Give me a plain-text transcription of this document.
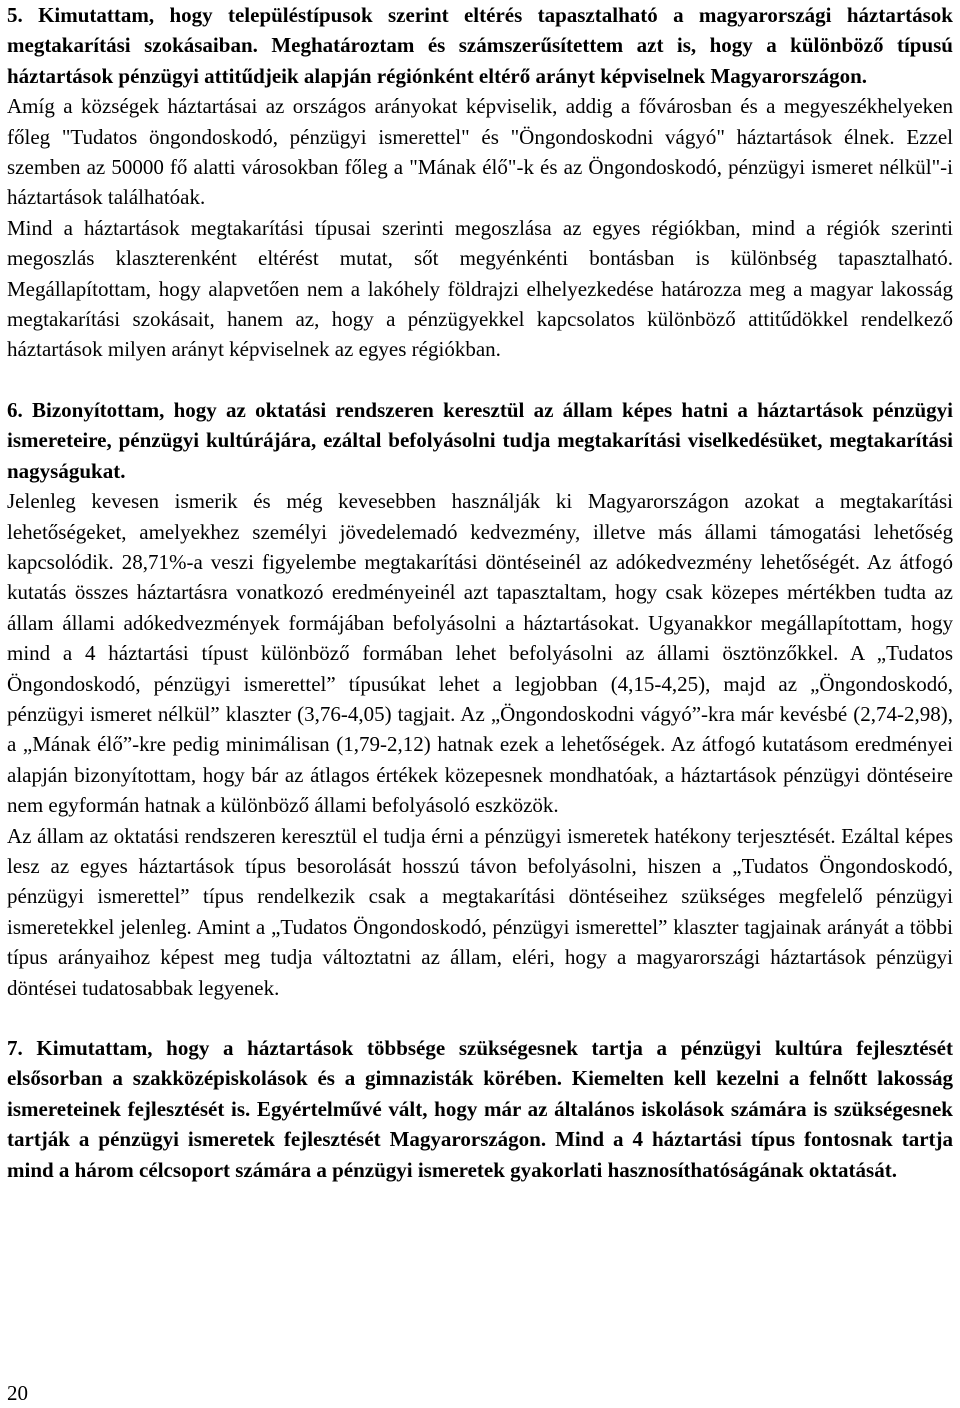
5. Kimutattam, hogy településtípusok szerint eltérés tapasztalható a magyarországi háztartások megtakarítási szokásaiban. Meghatároztam és számszerűsítettem azt is, hogy a különböző típusú háztartások pénzügyi attitűdjeik alapján régiónként eltérő arányt képviselnek Magyarországon.

Amíg a községek háztartásai az országos arányokat képviselik, addig a fővárosban és a megyeszékhelyeken főleg "Tudatos öngondoskodó, pénzügyi ismerettel" és "Öngondoskodni vágyó" háztartások élnek. Ezzel szemben az 50000 fő alatti városokban főleg a "Mának élő"-k és az Öngondoskodó, pénzügyi ismeret nélkül"-i háztartások találhatóak.

Mind a háztartások megtakarítási típusai szerinti megoszlása az egyes régiókban, mind a régiók szerinti megoszlás klaszterenként eltérést mutat, sőt megyénkénti bontásban is különbség tapasztalható. Megállapítottam, hogy alapvetően nem a lakóhely földrajzi elhelyezkedése határozza meg a magyar lakosság megtakarítási szokásait, hanem az, hogy a pénzügyekkel kapcsolatos különböző attitűdökkel rendelkező háztartások milyen arányt képviselnek az egyes régiókban.

6. Bizonyítottam, hogy az oktatási rendszeren keresztül az állam képes hatni a háztartások pénzügyi ismereteire, pénzügyi kultúrájára, ezáltal befolyásolni tudja megtakarítási viselkedésüket, megtakarítási nagyságukat.

Jelenleg kevesen ismerik és még kevesebben használják ki Magyarországon azokat a megtakarítási lehetőségeket, amelyekhez személyi jövedelemadó kedvezmény, illetve más állami támogatási lehetőség kapcsolódik. 28,71%-a veszi figyelembe megtakarítási döntéseinél az adókedvezmény lehetőségét. Az átfogó kutatás összes háztartásra vonatkozó eredményeinél azt tapasztaltam, hogy csak közepes mértékben tudta az állam állami adókedvezmények formájában befolyásolni a háztartásokat. Ugyanakkor megállapítottam, hogy mind a 4 háztartási típust különböző formában lehet befolyásolni az állami ösztönzőkkel. A „Tudatos Öngondoskodó, pénzügyi ismerettel” típusúkat lehet a legjobban (4,15-4,25), majd az „Öngondoskodó, pénzügyi ismeret nélkül” klaszter (3,76-4,05) tagjait. Az „Öngondoskodni vágyó”-kra már kevésbé (2,74-2,98), a „Mának élő”-kre pedig minimálisan (1,79-2,12) hatnak ezek a lehetőségek. Az átfogó kutatásom eredményei alapján bizonyítottam, hogy bár az átlagos értékek közepesnek mondhatóak, a háztartások pénzügyi döntéseire nem egyformán hatnak a különböző állami befolyásoló eszközök.

Az állam az oktatási rendszeren keresztül el tudja érni a pénzügyi ismeretek hatékony terjesztését. Ezáltal képes lesz az egyes háztartások típus besorolását hosszú távon befolyásolni, hiszen a „Tudatos Öngondoskodó, pénzügyi ismerettel” típus rendelkezik csak a megtakarítási döntéseihez szükséges megfelelő pénzügyi ismeretekkel jelenleg. Amint a „Tudatos Öngondoskodó, pénzügyi ismerettel” klaszter tagjainak arányát a többi típus arányaihoz képest meg tudja változtatni az állam, eléri, hogy a magyarországi háztartások pénzügyi döntései tudatosabbak legyenek.

7. Kimutattam, hogy a háztartások többsége szükségesnek tartja a pénzügyi kultúra fejlesztését elsősorban a szakközépiskolások és a gimnazisták körében. Kiemelten kell kezelni a felnőtt lakosság ismereteinek fejlesztését is. Egyértelművé vált, hogy már az általános iskolások számára is szükségesnek tartják a pénzügyi ismeretek fejlesztését Magyarországon. Mind a 4 háztartási típus fontosnak tartja mind a három célcsoport számára a pénzügyi ismeretek gyakorlati hasznosíthatóságának oktatását.

20
